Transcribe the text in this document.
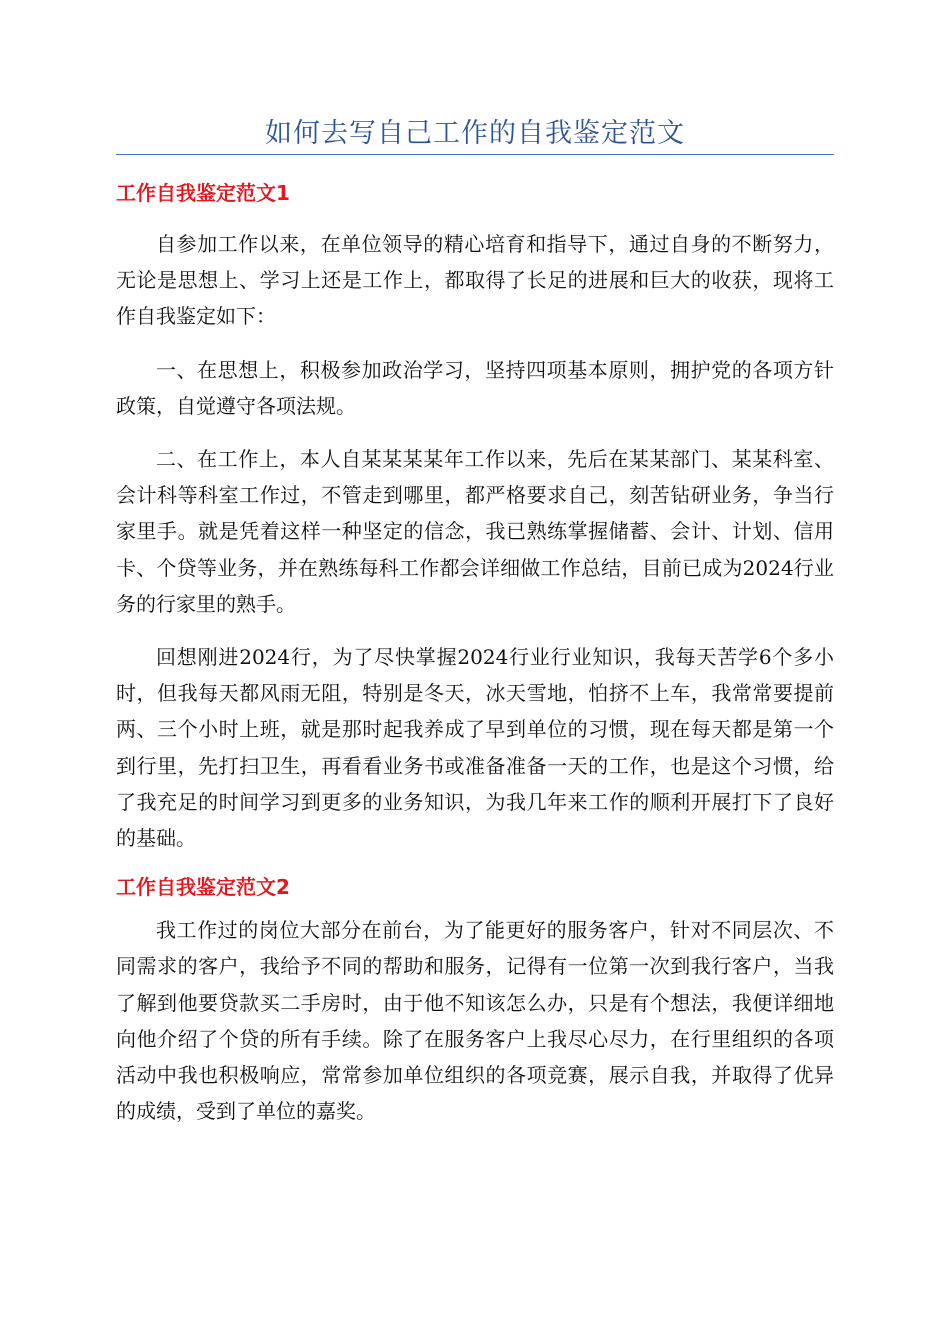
如何去写自己工作的自我鉴定范文
工作自我鉴定范文1

自参加工作以来，在单位领导的精心培育和指导下，通过自身的不断努力，无论是思想上、学习上还是工作上，都取得了长足的进展和巨大的收获，现将工作自我鉴定如下：

一、在思想上，积极参加政治学习，坚持四项基本原则，拥护党的各项方针政策，自觉遵守各项法规。

二、在工作上，本人自某某某某年工作以来，先后在某某部门、某某科室、会计科等科室工作过，不管走到哪里，都严格要求自己，刻苦钻研业务，争当行家里手。就是凭着这样一种坚定的信念，我已熟练掌握储蓄、会计、计划、信用卡、个贷等业务，并在熟练每科工作都会详细做工作总结，目前已成为2024行业务的行家里的熟手。

回想刚进2024行，为了尽快掌握2024行业行业知识，我每天苦学6个多小时，但我每天都风雨无阻，特别是冬天，冰天雪地，怕挤不上车，我常常要提前两、三个小时上班，就是那时起我养成了早到单位的习惯，现在每天都是第一个到行里，先打扫卫生，再看看业务书或准备准备一天的工作，也是这个习惯，给了我充足的时间学习到更多的业务知识，为我几年来工作的顺利开展打下了良好的基础。

工作自我鉴定范文2

我工作过的岗位大部分在前台，为了能更好的服务客户，针对不同层次、不同需求的客户，我给予不同的帮助和服务，记得有一位第一次到我行客户，当我了解到他要贷款买二手房时，由于他不知该怎么办，只是有个想法，我便详细地向他介绍了个贷的所有手续。除了在服务客户上我尽心尽力，在行里组织的各项活动中我也积极响应，常常参加单位组织的各项竞赛，展示自我，并取得了优异的成绩，受到了单位的嘉奖。
